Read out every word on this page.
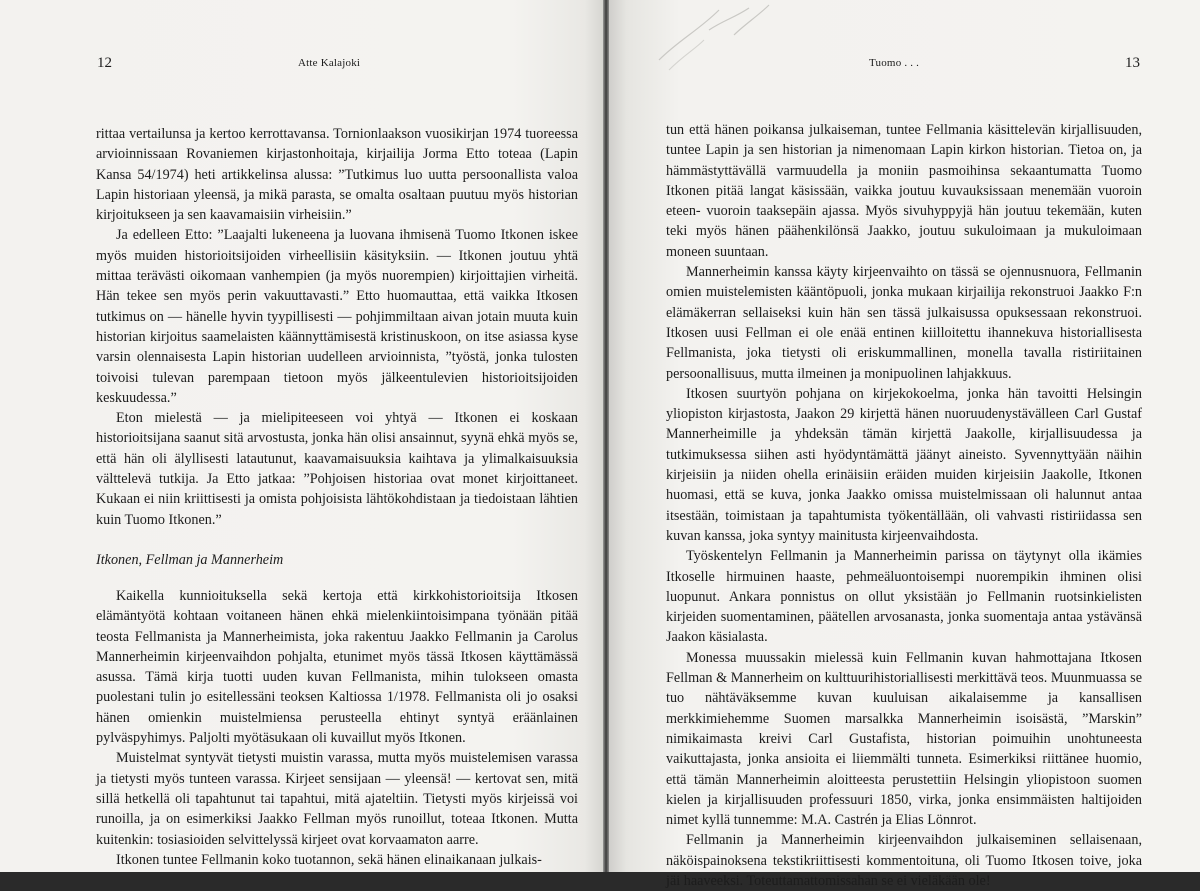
12	Atte Kalajoki

rittaa vertailunsa ja kertoo kerrottavansa. Tornionlaakson vuosikirjan 1974 tuoreessa arvioinnissaan Rovaniemen kirjastonhoitaja, kirjailija Jorma Etto toteaa (Lapin Kansa 54/1974) heti artikkelinsa alussa: ”Tutkimus luo uutta persoonallista valoa Lapin historiaan yleensä, ja mikä parasta, se omalta osaltaan puutuu myös historian kirjoitukseen ja sen kaavamaisiin virheisiin.”

Ja edelleen Etto: ”Laajalti lukeneena ja luovana ihmisenä Tuomo Itkonen iskee myös muiden historioitsijoiden virheellisiin käsityksiin. — Itkonen joutuu yhtä mittaa terävästi oikomaan vanhempien (ja myös nuorempien) kirjoittajien virheitä. Hän tekee sen myös perin vakuuttavasti.” Etto huomauttaa, että vaikka Itkosen tutkimus on — hänelle hyvin tyypillisesti — pohjimmiltaan aivan jotain muuta kuin historian kirjoitus saamelaisten käännyttämisestä kristinuskoon, on itse asiassa kyse varsin olennaisesta Lapin historian uudelleen arvioinnista, ”työstä, jonka tulosten toivoisi tulevan parempaan tietoon myös jälkeentulevien historioitsijoiden keskuudessa.”

Eton mielestä — ja mielipiteeseen voi yhtyä — Itkonen ei koskaan historioitsijana saanut sitä arvostusta, jonka hän olisi ansainnut, syynä ehkä myös se, että hän oli älyllisesti latautunut, kaavamaisuuksia kaihtava ja ylimalkaisuuksia välttelevä tutkija. Ja Etto jatkaa: ”Pohjoisen historiaa ovat monet kirjoittaneet. Kukaan ei niin kriittisesti ja omista pohjoisista lähtökohdistaan ja tiedoistaan lähtien kuin Tuomo Itkonen.”

Itkonen, Fellman ja Mannerheim

Kaikella kunnioituksella sekä kertoja että kirkkohistorioitsija Itkosen elämäntyötä kohtaan voitaneen hänen ehkä mielenkiintoisimpana työnään pitää teosta Fellmanista ja Mannerheimista, joka rakentuu Jaakko Fellmanin ja Carolus Mannerheimin kirjeenvaihdon pohjalta, etunimet myös tässä Itkosen käyttämässä asussa. Tämä kirja tuotti uuden kuvan Fellmanista, mihin tulokseen omasta puolestani tulin jo esitellessäni teoksen Kaltiossa 1/1978. Fellmanista oli jo osaksi hänen omienkin muistelmiensa perusteella ehtinyt syntyä eräänlainen pylväspyhimys. Paljolti myötäsukaan oli kuvaillut myös Itkonen.

Muistelmat syntyvät tietysti muistin varassa, mutta myös muistelemisen varassa ja tietysti myös tunteen varassa. Kirjeet sensijaan — yleensä! — kertovat sen, mitä sillä hetkellä oli tapahtunut tai tapahtui, mitä ajateltiin. Tietysti myös kirjeissä voi runoilla, ja on esimerkiksi Jaakko Fellman myös runoillut, toteaa Itkonen. Mutta kuitenkin: tosiasioiden selvittelyssä kirjeet ovat korvaamaton aarre.

Itkonen tuntee Fellmanin koko tuotannon, sekä hänen elinaikanaan julkais-

Tuomo . . .	13

tun että hänen poikansa julkaiseman, tuntee Fellmania käsittelevän kirjallisuuden, tuntee Lapin ja sen historian ja nimenomaan Lapin kirkon historian. Tietoa on, ja hämmästyttävällä varmuudella ja moniin pasmoihinsa sekaantumatta Tuomo Itkonen pitää langat käsissään, vaikka joutuu kuvauksissaan menemään vuoroin eteen- vuoroin taaksepäin ajassa. Myös sivuhyppyjä hän joutuu tekemään, kuten teki myös hänen päähenkilönsä Jaakko, joutuu sukuloimaan ja mukuloimaan moneen suuntaan.

Mannerheimin kanssa käyty kirjeenvaihto on tässä se ojennusnuora, Fellmanin omien muistelemisten kääntöpuoli, jonka mukaan kirjailija rekonstruoi Jaakko F:n elämäkerran sellaiseksi kuin hän sen tässä julkaisussa opuksessaan rekonstruoi. Itkosen uusi Fellman ei ole enää entinen kiilloitettu ihannekuva historiallisesta Fellmanista, joka tietysti oli eriskummallinen, monella tavalla ristiriitainen persoonallisuus, mutta ilmeinen ja monipuolinen lahjakkuus.

Itkosen suurtyön pohjana on kirjekokoelma, jonka hän tavoitti Helsingin yliopiston kirjastosta, Jaakon 29 kirjettä hänen nuoruudenystävälleen Carl Gustaf Mannerheimille ja yhdeksän tämän kirjettä Jaakolle, kirjallisuudessa ja tutkimuksessa siihen asti hyödyntämättä jäänyt aineisto. Syvennyttyään näihin kirjeisiin ja niiden ohella erinäisiin eräiden muiden kirjeisiin Jaakolle, Itkonen huomasi, että se kuva, jonka Jaakko omissa muistelmissaan oli halunnut antaa itsestään, toimistaan ja tapahtumista työkentällään, oli vahvasti ristiriidassa sen kuvan kanssa, joka syntyy mainitusta kirjeenvaihdosta.

Työskentelyn Fellmanin ja Mannerheimin parissa on täytynyt olla ikämies Itkoselle hirmuinen haaste, pehmeäluontoisempi nuorempikin ihminen olisi luopunut. Ankara ponnistus on ollut yksistään jo Fellmanin ruotsinkielisten kirjeiden suomentaminen, päätellen arvosanasta, jonka suomentaja antaa ystävänsä Jaakon käsialasta.

Monessa muussakin mielessä kuin Fellmanin kuvan hahmottajana Itkosen Fellman & Mannerheim on kulttuurihistoriallisesti merkittävä teos. Muunmuassa se tuo nähtäväksemme kuvan kuuluisan aikalaisemme ja kansallisen merkkimiehemme Suomen marsalkka Mannerheimin isoisästä, ”Marskin” nimikaimasta kreivi Carl Gustafista, historian poimuihin unohtuneesta vaikuttajasta, jonka ansioita ei liiemmälti tunneta. Esimerkiksi riittänee huomio, että tämän Mannerheimin aloitteesta perustettiin Helsingin yliopistoon suomen kielen ja kirjallisuuden professuuri 1850, virka, jonka ensimmäisten haltijoiden nimet kyllä tunnemme: M.A. Castrén ja Elias Lönnrot.

Fellmanin ja Mannerheimin kirjeenvaihdon julkaiseminen sellaisenaan, näköispainoksena tekstikriittisesti kommentoituna, oli Tuomo Itkosen toive, joka jäi haaveeksi. Toteuttamattomissahan se ei vieläkään ole!
